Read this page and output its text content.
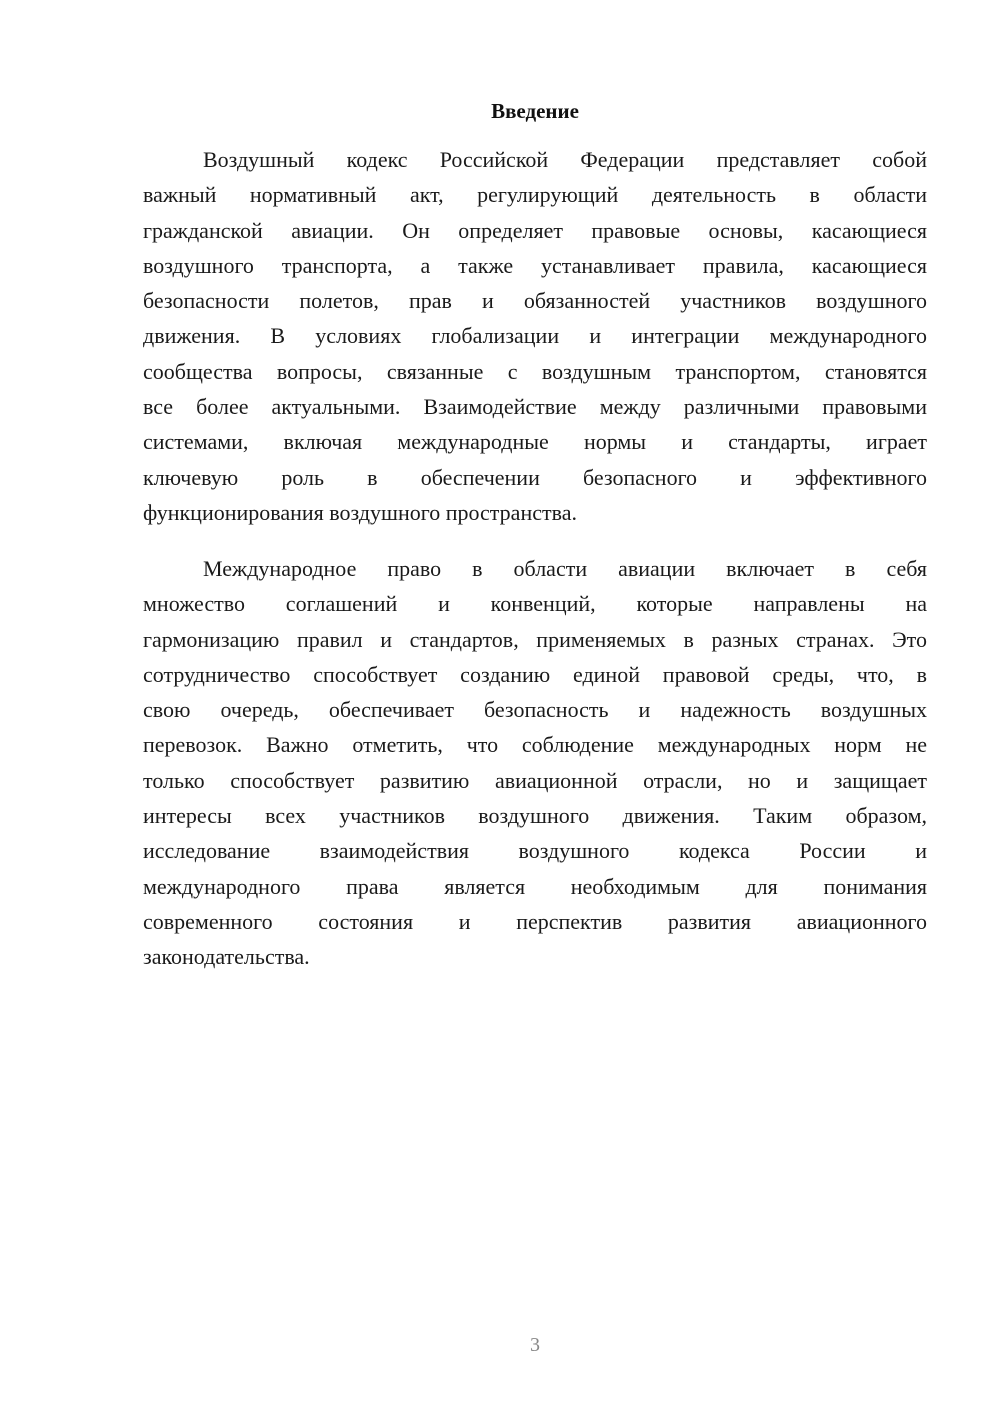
Введение
Воздушный кодекс Российской Федерации представляет собой
важный нормативный акт, регулирующий деятельность в области
гражданской авиации. Он определяет правовые основы, касающиеся
воздушного транспорта, а также устанавливает правила, касающиеся
безопасности полетов, прав и обязанностей участников воздушного
движения. В условиях глобализации и интеграции международного
сообщества вопросы, связанные с воздушным транспортом, становятся
все более актуальными. Взаимодействие между различными правовыми
системами, включая международные нормы и стандарты, играет
ключевую роль в обеспечении безопасного и эффективного
функционирования воздушного пространства.
Международное право в области авиации включает в себя
множество соглашений и конвенций, которые направлены на
гармонизацию правил и стандартов, применяемых в разных странах. Это
сотрудничество способствует созданию единой правовой среды, что, в
свою очередь, обеспечивает безопасность и надежность воздушных
перевозок. Важно отметить, что соблюдение международных норм не
только способствует развитию авиационной отрасли, но и защищает
интересы всех участников воздушного движения. Таким образом,
исследование взаимодействия воздушного кодекса России и
международного права является необходимым для понимания
современного состояния и перспектив развития авиационного
законодательства.
3
